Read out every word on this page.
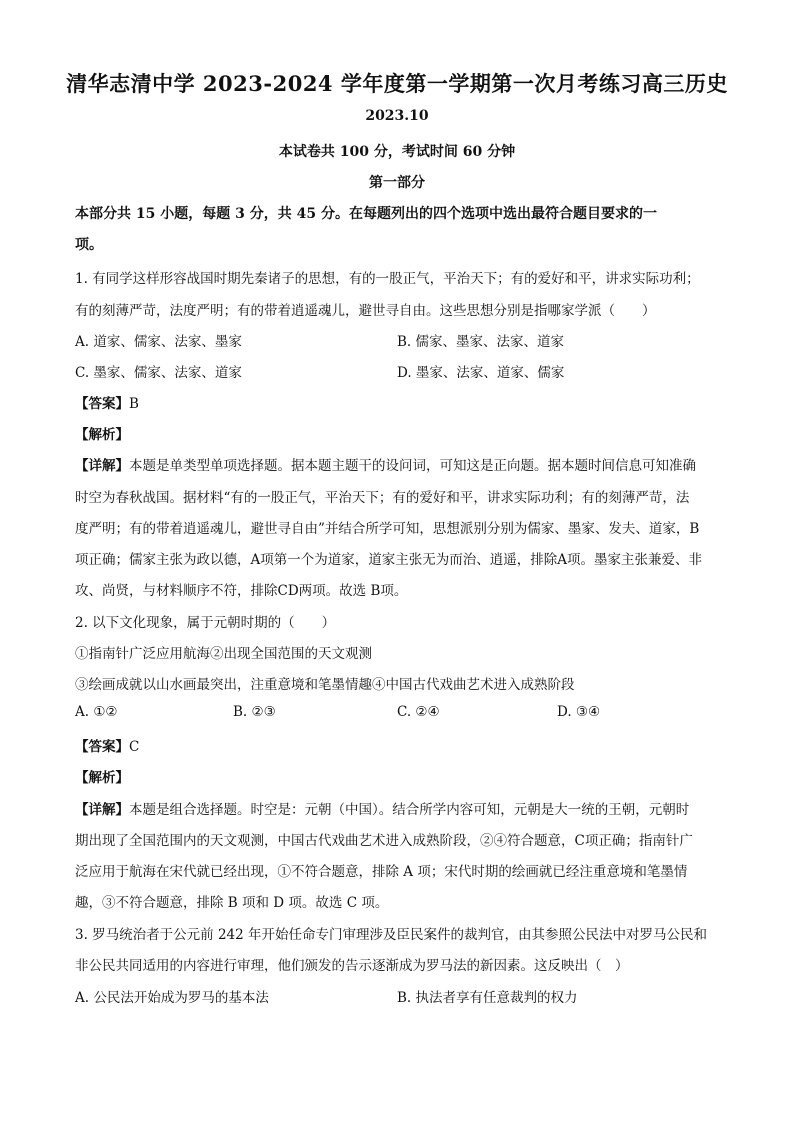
清华志清中学 2023-2024 学年度第一学期第一次月考练习高三历史
2023.10
本试卷共 100 分，考试时间 60 分钟
第一部分
本部分共 15 小题，每题 3 分，共 45 分。在每题列出的四个选项中选出最符合题目要求的一
项。
1. 有同学这样形容战国时期先秦诸子的思想，有的一股正气，平治天下；有的爱好和平，讲求实际功利；
有的刻薄严苛，法度严明；有的带着逍遥魂儿，避世寻自由。这些思想分别是指哪家学派（　　）
A. 道家、儒家、法家、墨家	B. 儒家、墨家、法家、道家
C. 墨家、儒家、法家、道家	D. 墨家、法家、道家、儒家
【答案】B
【解析】
【详解】本题是单类型单项选择题。据本题主题干的设问词，可知这是正向题。据本题时间信息可知准确
时空为春秋战国。据材料“有的一股正气，平治天下；有的爱好和平，讲求实际功利；有的刻薄严苛，法
度严明；有的带着逍遥魂儿，避世寻自由”并结合所学可知，思想派别分别为儒家、墨家、发夫、道家，B
项正确；儒家主张为政以德，A项第一个为道家，道家主张无为而治、逍遥，排除A项。墨家主张兼爱、非
攻、尚贤，与材料顺序不符，排除CD两项。故选 B项。
2. 以下文化现象，属于元朝时期的（　　）
①指南针广泛应用航海②出现全国范围的天文观测
③绘画成就以山水画最突出，注重意境和笔墨情趣④中国古代戏曲艺术进入成熟阶段
A. ①②	B. ②③	C. ②④	D. ③④
【答案】C
【解析】
【详解】本题是组合选择题。时空是：元朝（中国）。结合所学内容可知，元朝是大一统的王朝，元朝时
期出现了全国范围内的天文观测，中国古代戏曲艺术进入成熟阶段，②④符合题意，C项正确；指南针广
泛应用于航海在宋代就已经出现，①不符合题意，排除 A 项；宋代时期的绘画就已经注重意境和笔墨情
趣，③不符合题意，排除 B 项和 D 项。故选 C 项。
3. 罗马统治者于公元前 242 年开始任命专门审理涉及臣民案件的裁判官，由其参照公民法中对罗马公民和
非公民共同适用的内容进行审理，他们颁发的告示逐渐成为罗马法的新因素。这反映出（　）
A. 公民法开始成为罗马的基本法	B. 执法者享有任意裁判的权力
